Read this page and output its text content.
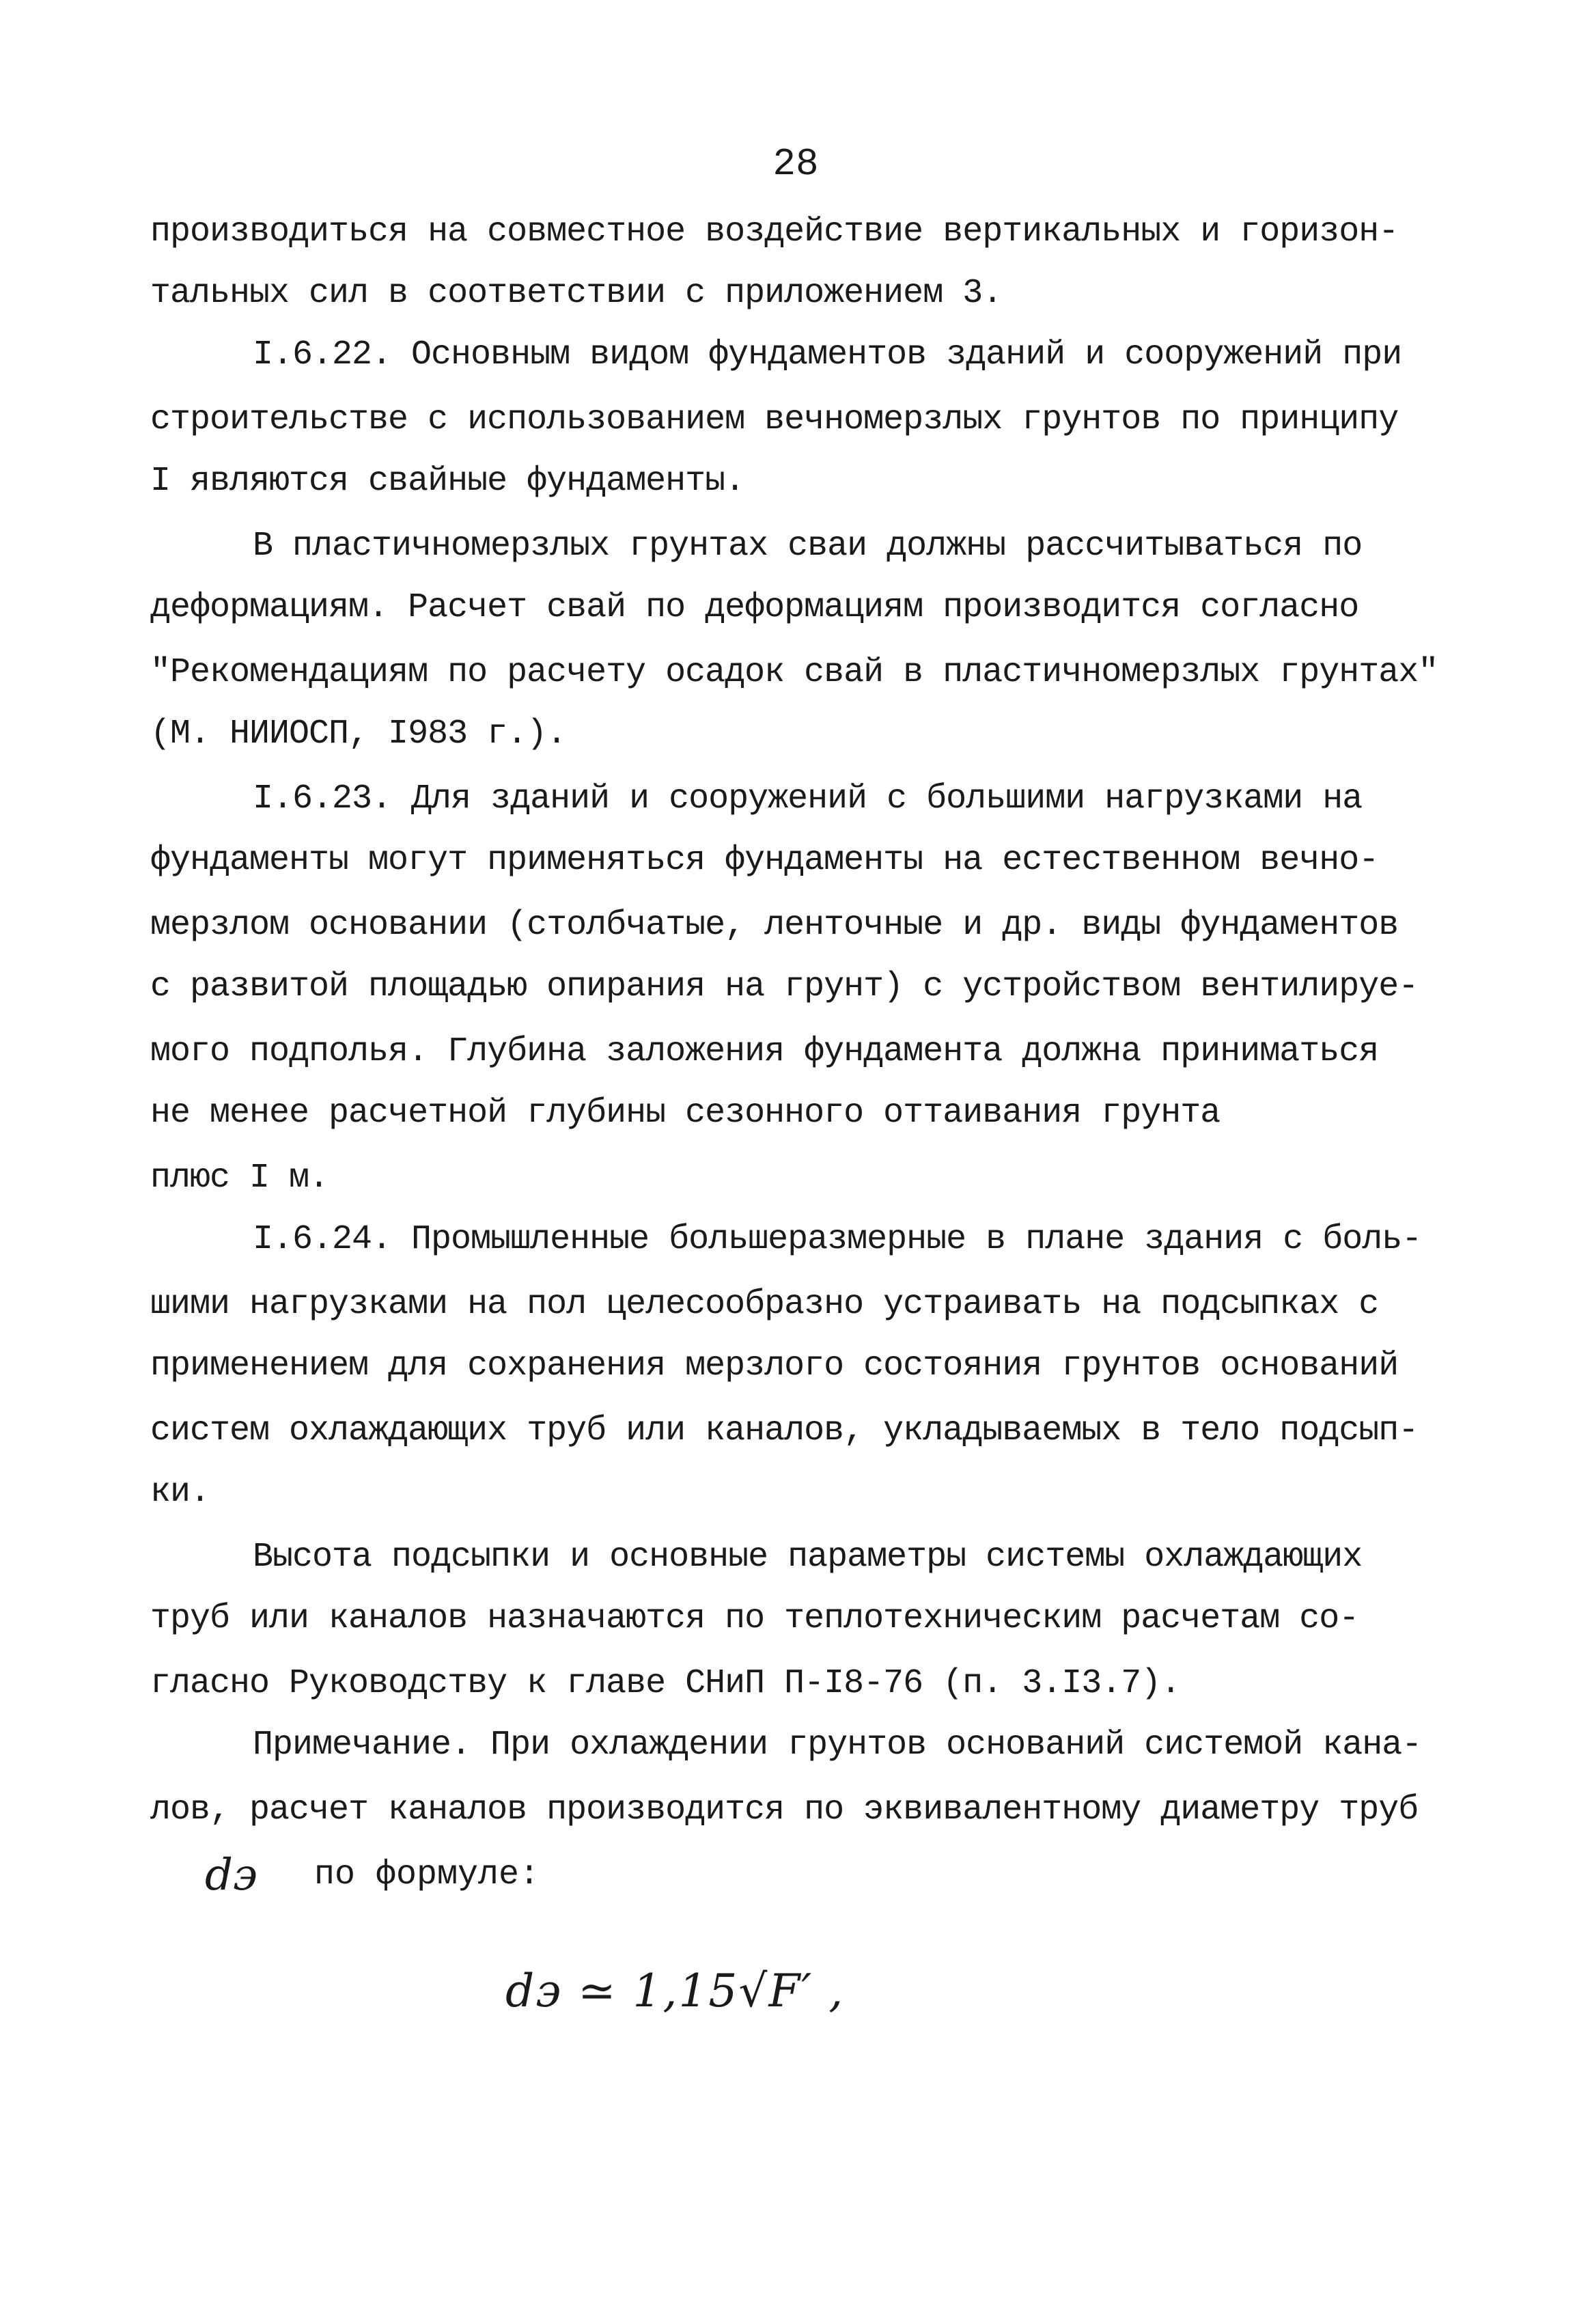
28
производиться на совместное воздействие вертикальных и горизон-
тальных сил в соответствии с приложением 3.
I.6.22. Основным видом фундаментов зданий и сооружений при
строительстве с использованием вечномерзлых грунтов по принципу
I являются свайные фундаменты.
В пластичномерзлых грунтах сваи должны рассчитываться по
деформациям. Расчет свай по деформациям производится согласно
"Рекомендациям по расчету осадок свай в пластичномерзлых грунтах"
(М. НИИОСП, I983 г.).
I.6.23. Для зданий и сооружений с большими нагрузками на
фундаменты могут применяться фундаменты на естественном вечно-
мерзлом основании (столбчатые, ленточные и др. виды фундаментов
с развитой площадью опирания на грунт) с устройством вентилируе-
мого подполья. Глубина заложения фундамента должна приниматься
не менее расчетной глубины сезонного оттаивания грунта
плюс I м.
I.6.24. Промышленные большеразмерные в плане здания с боль-
шими нагрузками на пол целесообразно устраивать на подсыпках с
применением для сохранения мерзлого состояния грунтов оснований
систем охлаждающих труб или каналов, укладываемых в тело подсып-
ки.
Высота подсыпки и основные параметры системы охлаждающих
труб или каналов назначаются по теплотехническим расчетам со-
гласно Руководству к главе СНиП П-I8-76 (п. 3.I3.7).
Примечание. При охлаждении грунтов оснований системой кана-
лов, расчет каналов производится по эквивалентному диаметру труб
dэ по формуле:
dэ ≃ 1,15√F′ ,
